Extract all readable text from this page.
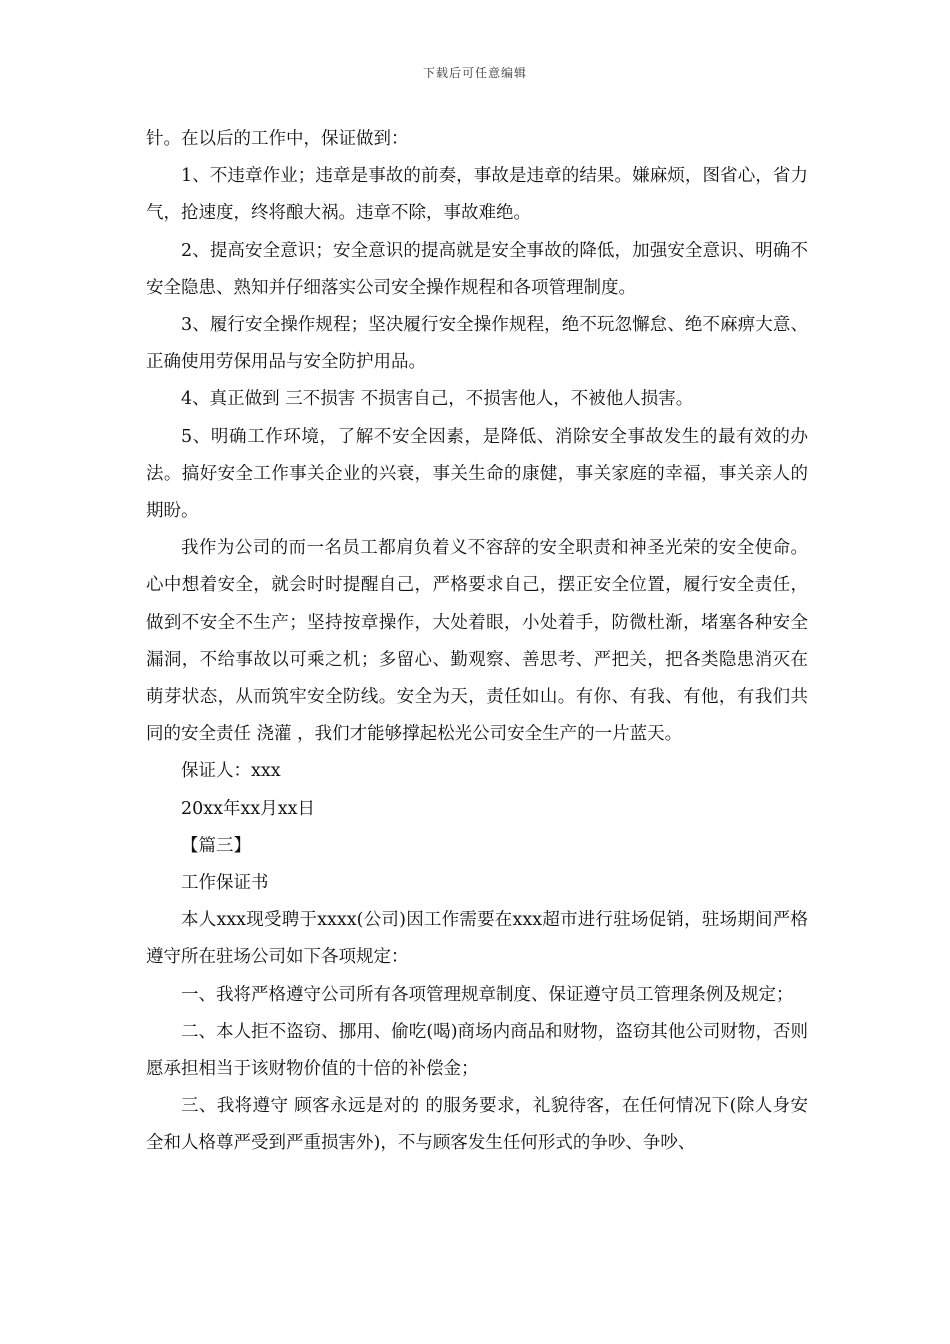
下载后可任意编辑

针。在以后的工作中，保证做到：

1、不违章作业；违章是事故的前奏，事故是违章的结果。嫌麻烦，图省心，省力气，抢速度，终将酿大祸。违章不除，事故难绝。

2、提高安全意识；安全意识的提高就是安全事故的降低，加强安全意识、明确不安全隐患、熟知并仔细落实公司安全操作规程和各项管理制度。

3、履行安全操作规程；坚决履行安全操作规程，绝不玩忽懈怠、绝不麻痹大意、正确使用劳保用品与安全防护用品。

4、真正做到 三不损害 不损害自己，不损害他人，不被他人损害。

5、明确工作环境，了解不安全因素，是降低、消除安全事故发生的最有效的办法。搞好安全工作事关企业的兴衰，事关生命的康健，事关家庭的幸福，事关亲人的期盼。

我作为公司的而一名员工都肩负着义不容辞的安全职责和神圣光荣的安全使命。心中想着安全，就会时时提醒自己，严格要求自己，摆正安全位置，履行安全责任，做到不安全不生产；坚持按章操作，大处着眼，小处着手，防微杜渐，堵塞各种安全漏洞，不给事故以可乘之机；多留心、勤观察、善思考、严把关，把各类隐患消灭在萌芽状态，从而筑牢安全防线。安全为天，责任如山。有你、有我、有他，有我们共同的安全责任 浇灌 ，我们才能够撑起松光公司安全生产的一片蓝天。

保证人：xxx

20xx年xx月xx日

【篇三】

工作保证书

本人xxx现受聘于xxxx(公司)因工作需要在xxx超市进行驻场促销，驻场期间严格遵守所在驻场公司如下各项规定：

一、我将严格遵守公司所有各项管理规章制度、保证遵守员工管理条例及规定；

二、本人拒不盗窃、挪用、偷吃(喝)商场内商品和财物，盗窃其他公司财物，否则愿承担相当于该财物价值的十倍的补偿金；

三、我将遵守 顾客永远是对的 的服务要求，礼貌待客，在任何情况下(除人身安全和人格尊严受到严重损害外)，不与顾客发生任何形式的争吵、争吵、
